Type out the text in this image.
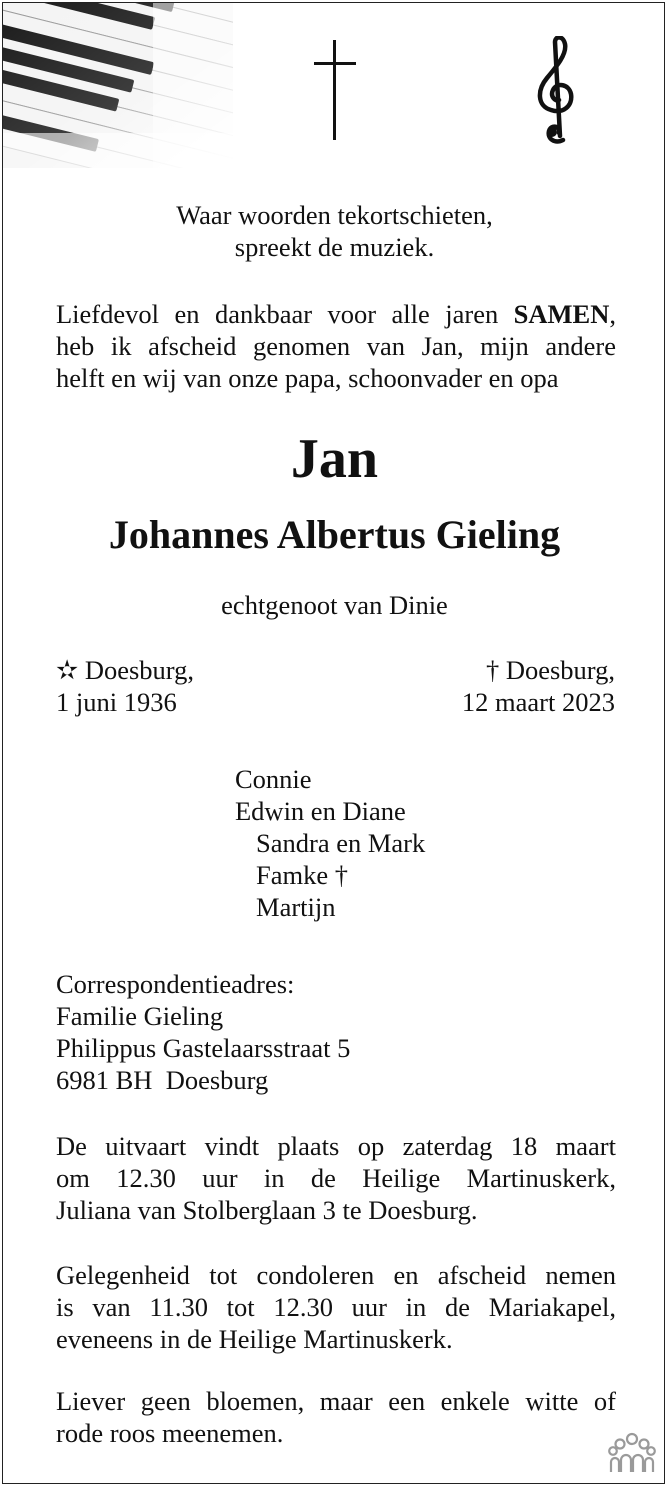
Waar woorden tekortschieten,
spreekt de muziek.

Liefdevol en dankbaar voor alle jaren SAMEN,
heb ik afscheid genomen van Jan, mijn andere
helft en wij van onze papa, schoonvader en opa

Jan
Johannes Albertus Gieling

echtgenoot van Dinie

✫ Doesburg,
1 juni 1936

† Doesburg,
12 maart 2023

Connie

Edwin en Diane

Sandra en Mark

Famke †

Martijn

Correspondentieadres:
Familie Gieling
Philippus Gastelaarsstraat 5
6981 BH  Doesburg

De uitvaart vindt plaats op zaterdag 18 maart
om 12.30 uur in de Heilige Martinuskerk,
Juliana van Stolberglaan 3 te Doesburg.

Gelegenheid tot condoleren en afscheid nemen
is van 11.30 tot 12.30 uur in de Mariakapel,
eveneens in de Heilige Martinuskerk.

Liever geen bloemen, maar een enkele witte of
rode roos meenemen.
